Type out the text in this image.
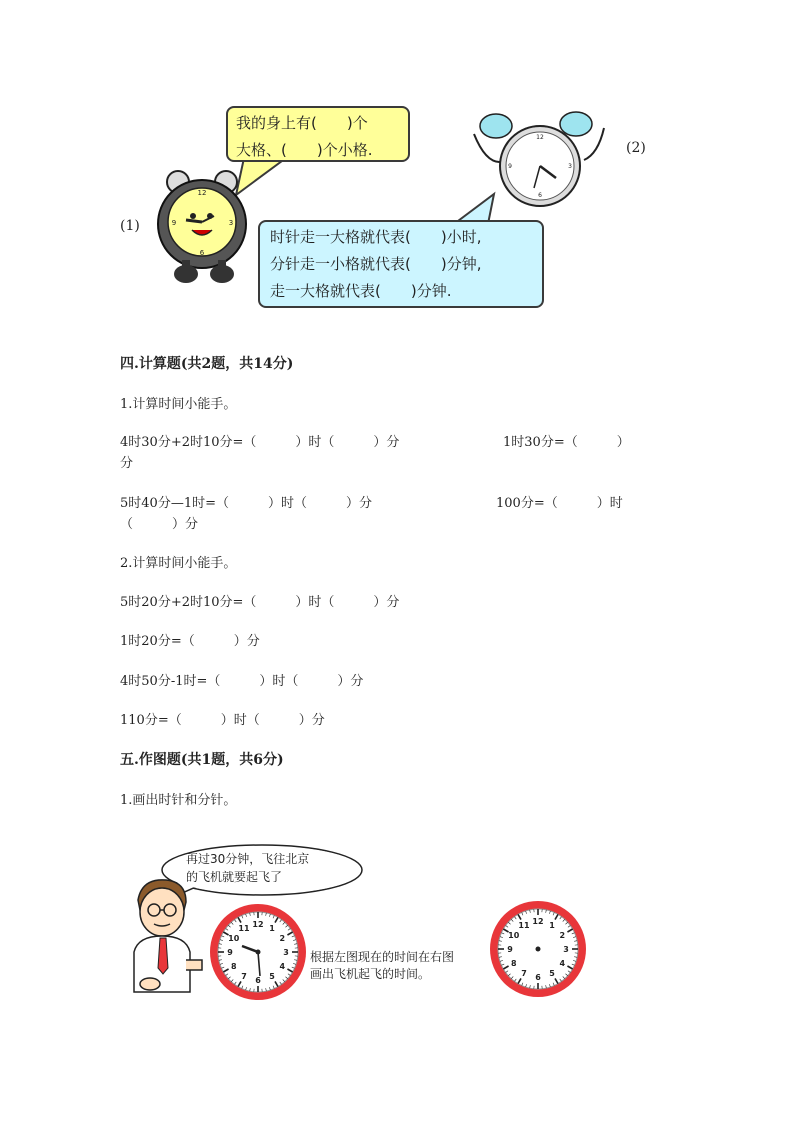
(1)
(2)
我的身上有(　　)个
大格、(　　)个小格.
12
3
6
9
时针走一大格就代表(　　)小时,
分针走一小格就代表(　　)分钟,
走一大格就代表(　　)分钟.
12
3
6
9
四.计算题(共2题，共14分)
1.计算时间小能手。
4时30分+2时10分=（　　　）时（　　　）分	1时30分=（　　　）
分
5时40分—1时=（　　　）时（　　　）分	100分=（　　　）时
（　　　）分
2.计算时间小能手。
5时20分+2时10分=（　　　）时（　　　）分
1时20分=（　　　）分
4时50分-1时=（　　　）时（　　　）分
110分=（　　　）时（　　　）分
五.作图题(共1题，共6分)
1.画出时针和分针。
再过30分钟，飞往北京
的飞机就要起飞了
12 1
2
3
4
5
6
7
8
9
10
11
根据左图现在的时间在右图
画出飞机起飞的时间。
12 1
2
3
4
5
6
7
8
9
10
11
